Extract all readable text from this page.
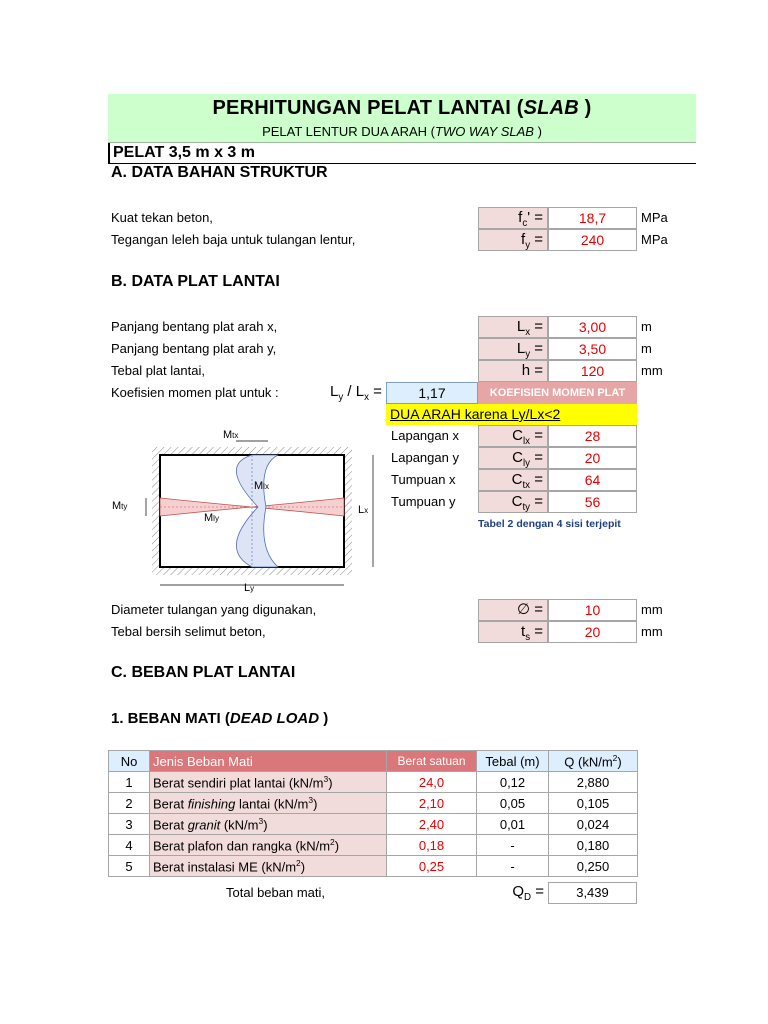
PERHITUNGAN PELAT LANTAI (SLAB )
PELAT LENTUR DUA ARAH (TWO WAY SLAB )
PELAT 3,5 m x 3 m
A. DATA BAHAN STRUKTUR
Kuat tekan beton,	$f_c'$ =	18,7	MPa
Tegangan leleh baja untuk tulangan lentur,	$f_y$ =	240	MPa
B. DATA PLAT LANTAI
Panjang bentang plat arah x,	$L_x$ =	3,00	m
Panjang bentang plat arah y,	$L_y$ =	3,50	m
Tebal plat lantai,	h =	120	mm
Koefisien momen plat untuk :	$L_y / L_x$ =	1,17	KOEFISIEN MOMEN PLAT
DUA ARAH karena Ly/Lx<2
Lapangan x	$C_{lx}$ =	28
Lapangan y	$C_{ly}$ =	20
Tumpuan x	$C_{tx}$ =	64
Tumpuan y	$C_{ty}$ =	56
Tabel 2 dengan 4 sisi terjepit
Mtx
Mlx
Mty
Mly
Lx
Ly
Diameter tulangan yang digunakan,	∅ =	10	mm
Tebal bersih selimut beton,	$t_s$ =	20	mm
C. BEBAN PLAT LANTAI
1. BEBAN MATI (DEAD LOAD )
No	Jenis Beban Mati	Berat satuan	Tebal (m)	Q $(kN/m^2)$
1	Berat sendiri plat lantai $(kN/m^3)$	24,0	0,12	2,880
2	Berat finishing lantai $(kN/m^3)$	2,10	0,05	0,105
3	Berat granit $(kN/m^3)$	2,40	0,01	0,024
4	Berat plafon dan rangka $(kN/m^2)$	0,18	-	0,180
5	Berat instalasi ME $(kN/m^2)$	0,25	-	0,250
Total beban mati,	$Q_D$ =	3,439
